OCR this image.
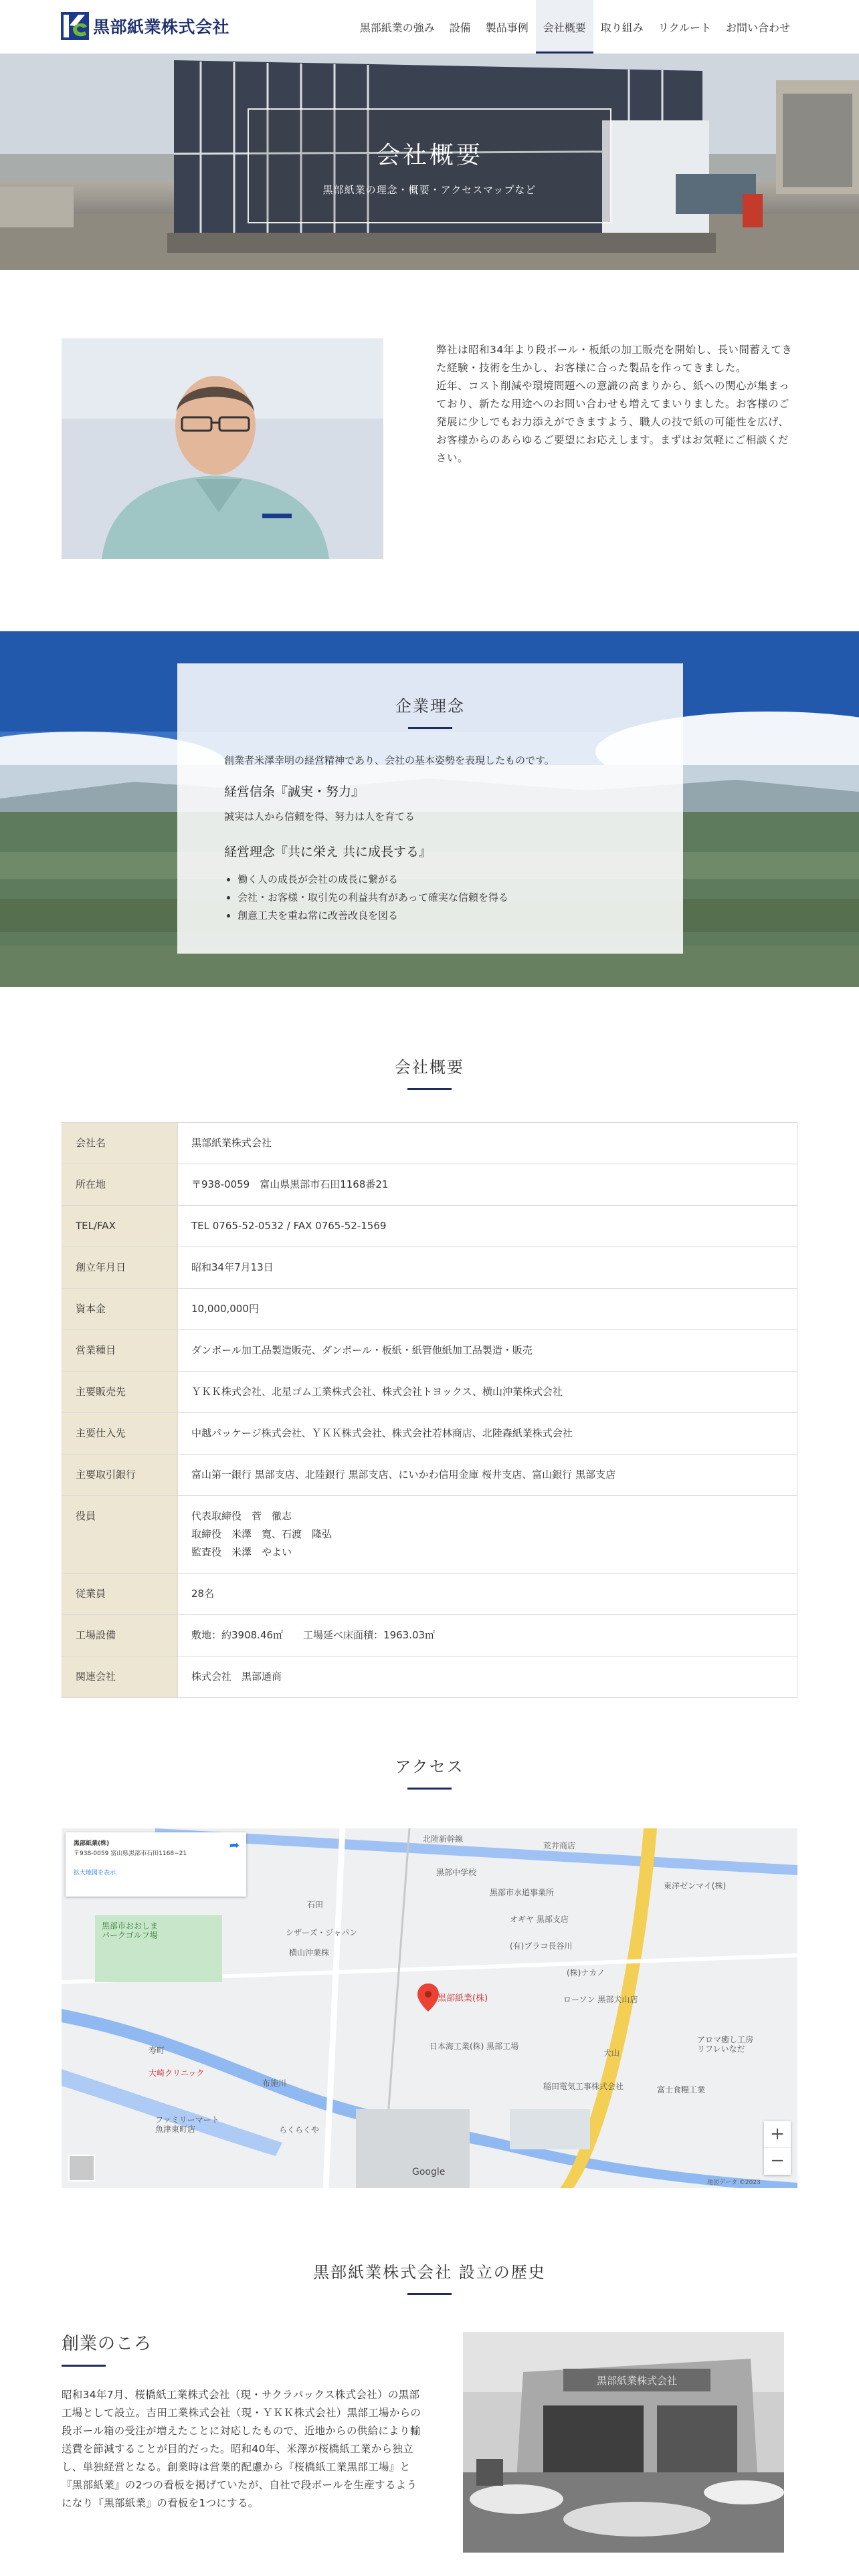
黒部紙業株式会社	黒部紙業の強み	設備	製品事例	会社概要	取り組み	リクルート	お問い合わせ
会社概要
黒部紙業の理念・概要・アクセスマップなど

弊社は昭和34年より段ボール・板紙の加工販売を開始し、長い間蓄えてきた経験・技術を生かし、お客様に合った製品を作ってきました。

近年、コスト削減や環境問題への意識の高まりから、紙への関心が集まっており、新たな用途へのお問い合わせも増えてまいりました。お客様のご発展に少しでもお力添えができますよう、職人の技で紙の可能性を広げ、お客様からのあらゆるご要望にお応えします。まずはお気軽にご相談ください。

企業理念
創業者米澤幸明の経営精神であり、会社の基本姿勢を表現したものです。
経営信条『誠実・努力』
誠実は人から信頼を得、努力は人を育てる
経営理念『共に栄え 共に成長する』
• 働く人の成長が会社の成長に繋がる
• 会社・お客様・取引先の利益共有があって確実な信頼を得る
• 創意工夫を重ね常に改善改良を図る
会社概要
会社名	黒部紙業株式会社
所在地	〒938-0059　富山県黒部市石田1168番21
TEL/FAX	TEL 0765-52-0532 / FAX 0765-52-1569
創立年月日	昭和34年7月13日
資本金	10,000,000円
営業種目	ダンボール加工品製造販売、ダンボール・板紙・紙管他紙加工品製造・販売
主要販売先	ＹＫＫ株式会社、北星ゴム工業株式会社、株式会社トヨックス、横山沖業株式会社
主要仕入先	中越パッケージ株式会社、ＹＫＫ株式会社、株式会社若林商店、北陸森紙業株式会社
主要取引銀行	富山第一銀行 黒部支店、北陸銀行 黒部支店、にいかわ信用金庫 桜井支店、富山銀行 黒部支店
役員	代表取締役　菅　徹志
取締役　米澤　寛、石渡　隆弘
監査役　米澤　やよい
従業員	28名
工場設備	敷地：約3908.46㎡　　工場延べ床面積：1963.03㎡
関連会社	株式会社　黒部通商
アクセス
黒部市おおしまパークゴルフ場
石田
シザーズ・ジャパン
横山沖業株
オギヤ 黒部支店
(株)ナカノ
(有)ブラコ長谷川
ローソン 黒部犬山店
黒部中学校
荒井商店
黒部市水道事業所
大崎クリニック
ファミリーマート魚津東町店	らくらくや
日本海工業(株) 黒部工場
犬山
稲田電気工事株式会社	富士食糧工業
アロマ癒し工房リフレいなだ
寿町
布施川
東洋ゼンマイ(株)
北陸新幹線
黒部紙業(株)
Google
地図データ ©2023
黒部紙業(株)
〒938-0059 富山県黒部市石田1168−21
拡大地図を表示
➦
+
−
黒部紙業株式会社 設立の歴史
創業のころ
昭和34年7月、桜橋紙工業株式会社（現・サクラパックス株式会社）の黒部工場として設立。吉田工業株式会社（現・ＹＫＫ株式会社）黒部工場からの段ボール箱の受注が増えたことに対応したもので、近地からの供給により輸送費を節減することが目的だった。昭和40年、米澤が桜橋紙工業から独立し、単独経営となる。創業時は営業的配慮から『桜橋紙工業黒部工場』と『黒部紙業』の2つの看板を掲げていたが、自社で段ボールを生産するようになり『黒部紙業』の看板を1つにする。
黒部紙業株式会社
